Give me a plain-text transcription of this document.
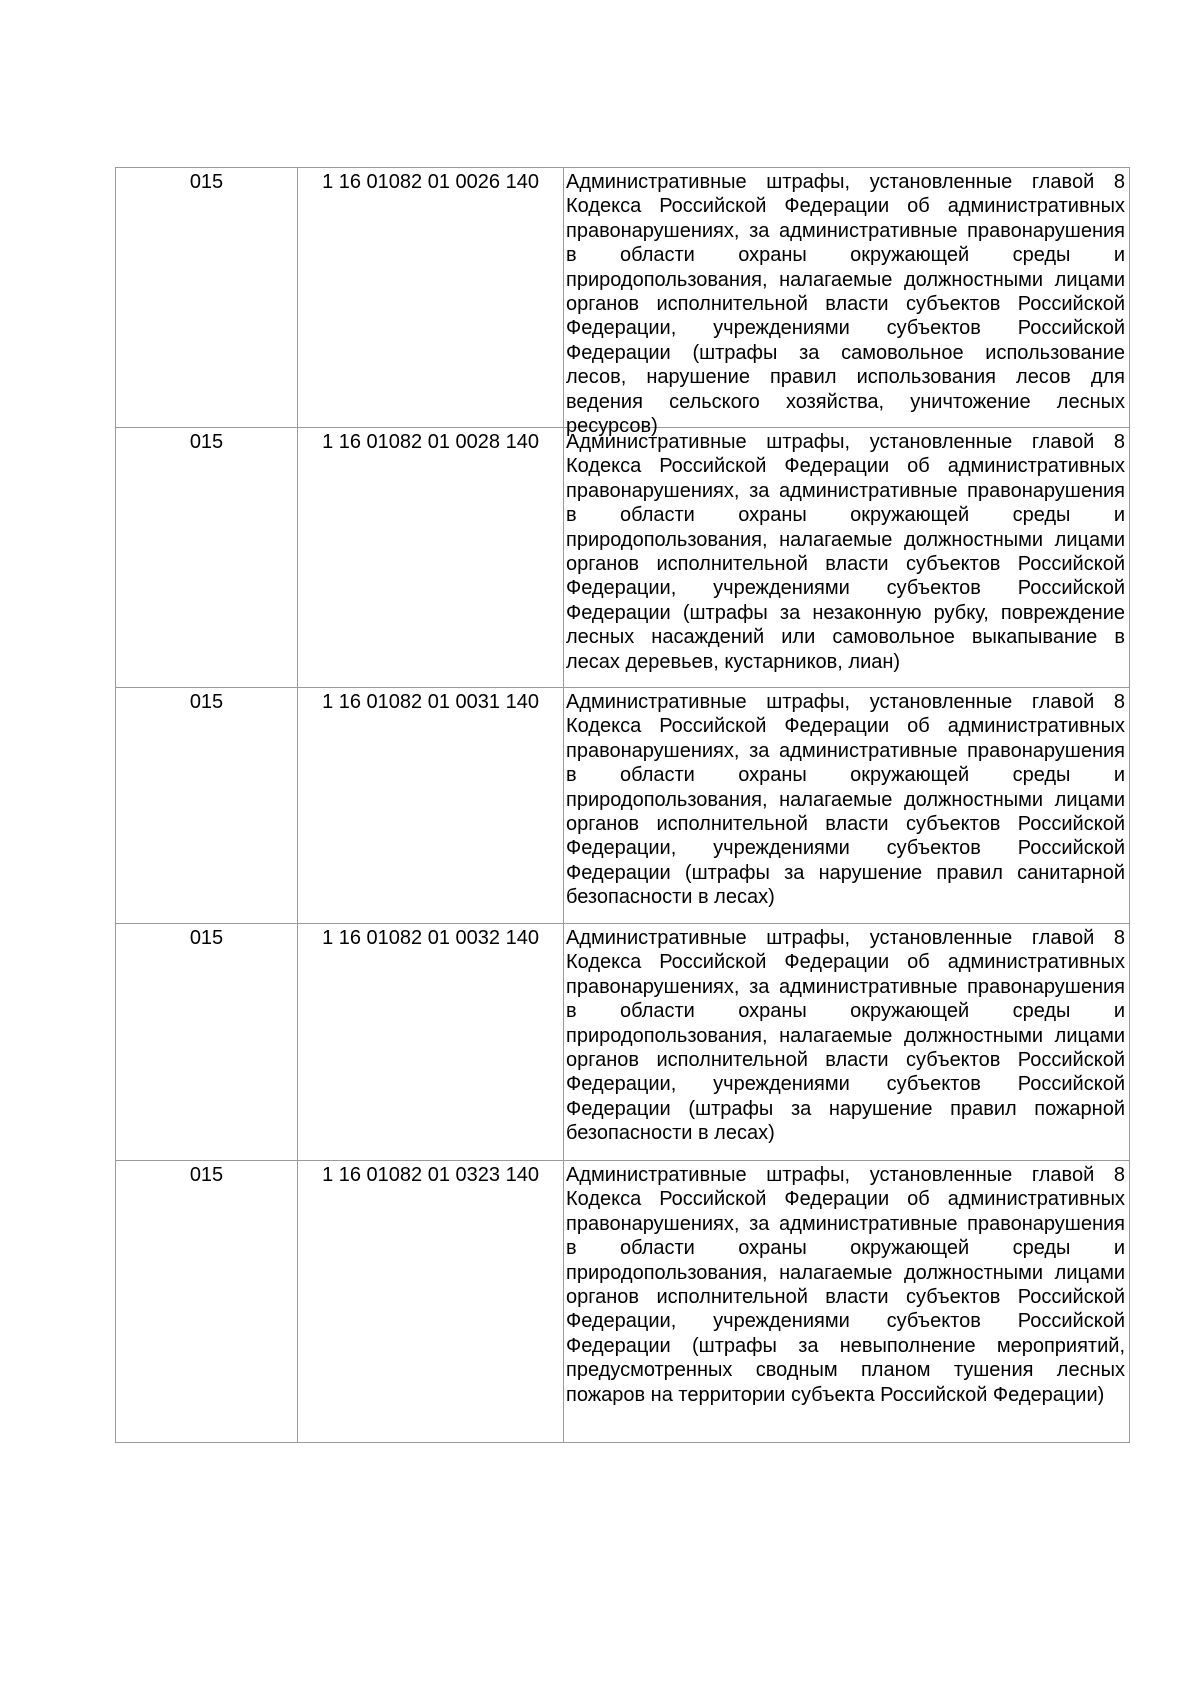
015	1 16 01082 01 0026 140	Административные штрафы, установленные главой 8 Кодекса Российской Федерации об административных правонарушениях, за административные правонарушения в области охраны окружающей среды и природопользования, налагаемые должностными лицами органов исполнительной власти субъектов Российской Федерации, учреждениями субъектов Российской Федерации (штрафы за самовольное использование лесов, нарушение правил использования лесов для ведения сельского хозяйства, уничтожение лесных ресурсов)
015	1 16 01082 01 0028 140	Административные штрафы, установленные главой 8 Кодекса Российской Федерации об административных правонарушениях, за административные правонарушения в области охраны окружающей среды и природопользования, налагаемые должностными лицами органов исполнительной власти субъектов Российской Федерации, учреждениями субъектов Российской Федерации (штрафы за незаконную рубку, повреждение лесных насаждений или самовольное выкапывание в лесах деревьев, кустарников, лиан)
015	1 16 01082 01 0031 140	Административные штрафы, установленные главой 8 Кодекса Российской Федерации об административных правонарушениях, за административные правонарушения в области охраны окружающей среды и природопользования, налагаемые должностными лицами органов исполнительной власти субъектов Российской Федерации, учреждениями субъектов Российской Федерации (штрафы за нарушение правил санитарной безопасности в лесах)
015	1 16 01082 01 0032 140	Административные штрафы, установленные главой 8 Кодекса Российской Федерации об административных правонарушениях, за административные правонарушения в области охраны окружающей среды и природопользования, налагаемые должностными лицами органов исполнительной власти субъектов Российской Федерации, учреждениями субъектов Российской Федерации (штрафы за нарушение правил пожарной безопасности в лесах)
015	1 16 01082 01 0323 140	Административные штрафы, установленные главой 8 Кодекса Российской Федерации об административных правонарушениях, за административные правонарушения в области охраны окружающей среды и природопользования, налагаемые должностными лицами органов исполнительной власти субъектов Российской Федерации, учреждениями субъектов Российской Федерации (штрафы за невыполнение мероприятий, предусмотренных сводным планом тушения лесных пожаров на территории субъекта Российской Федерации)
